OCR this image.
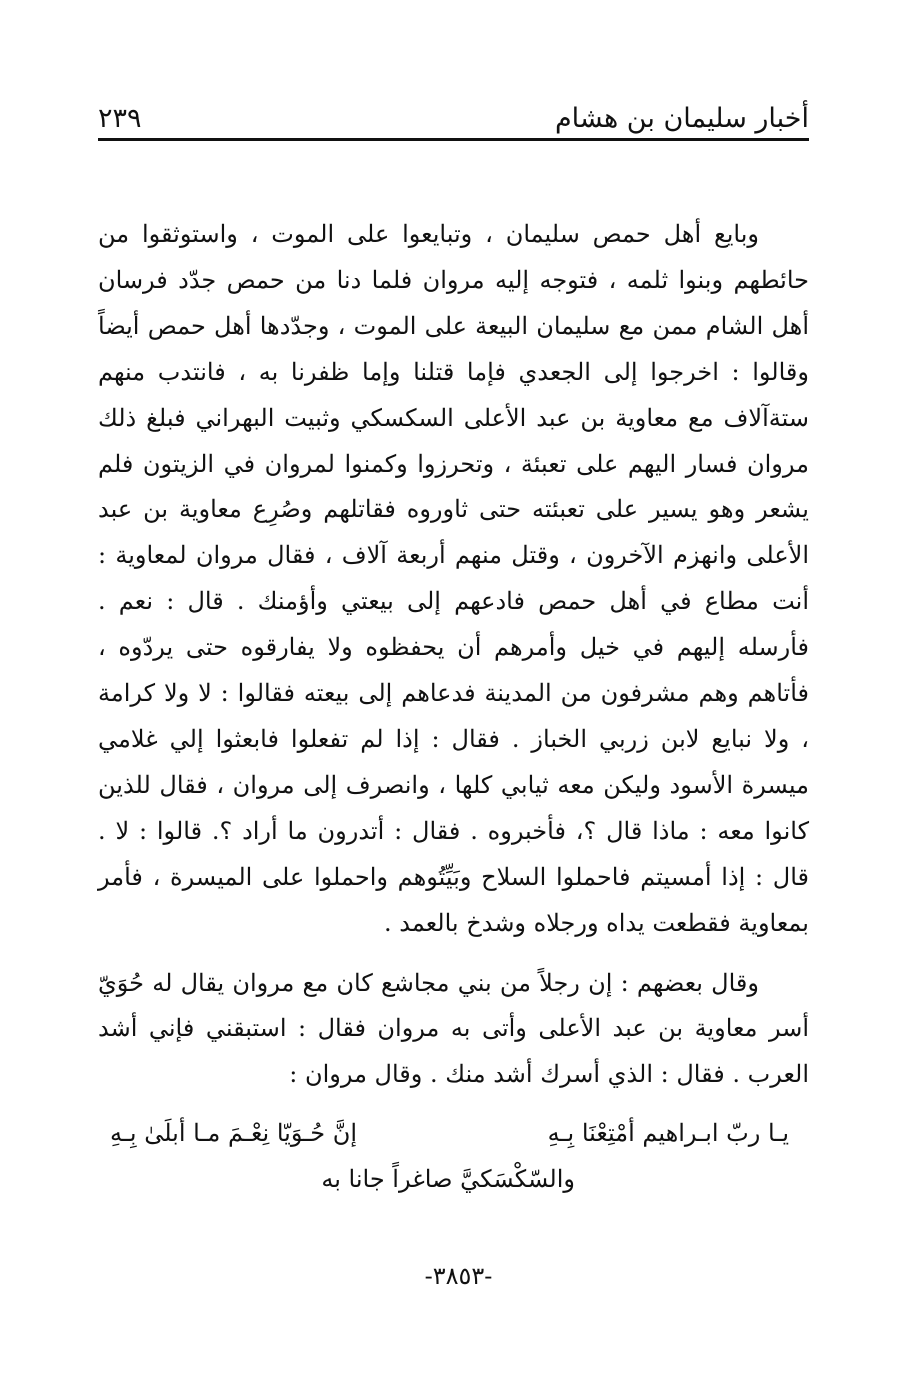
أخبار سليمان بن هشام
٢٣٩

وبايع أهل حمص سليمان ، وتبايعوا على الموت ، واستوثقوا من حائطهم وبنوا ثلمه ، فتوجه إليه مروان فلما دنا من حمص جدّد فرسان أهل الشام ممن مع سليمان البيعة على الموت ، وجدّدها أهل حمص أيضاً وقالوا : اخرجوا إلى الجعدي فإما قتلنا وإما ظفرنا به ، فانتدب منهم ستةآلاف مع معاوية بن عبد الأعلى السكسكي وثبيت البهراني فبلغ ذلك مروان فسار اليهم على تعبئة ، وتحرزوا وكمنوا لمروان في الزيتون فلم يشعر وهو يسير على تعبئته حتى ثاوروه فقاتلهم وصُرِع معاوية بن عبد الأعلى وانهزم الآخرون ، وقتل منهم أربعة آلاف ، فقال مروان لمعاوية : أنت مطاع في أهل حمص فادعهم إلى بيعتي وأؤمنك . قال : نعم . فأرسله إليهم في خيل وأمرهم أن يحفظوه ولا يفارقوه حتى يردّوه ، فأتاهم وهم مشرفون من المدينة فدعاهم إلى بيعته فقالوا : لا ولا كرامة ، ولا نبايع لابن زربي الخباز . فقال : إذا لم تفعلوا فابعثوا إلي غلامي ميسرة الأسود وليكن معه ثيابي كلها ، وانصرف إلى مروان ، فقال للذين كانوا معه : ماذا قال ؟، فأخبروه . فقال : أتدرون ما أراد ؟. قالوا : لا . قال : إذا أمسيتم فاحملوا السلاح وبَيِّتُوهم واحملوا على الميسرة ، فأمر بمعاوية فقطعت يداه ورجلاه وشدخ بالعمد .

وقال بعضهم : إن رجلاً من بني مجاشع كان مع مروان يقال له حُوَيّ أسر معاوية بن عبد الأعلى وأتى به مروان فقال : استبقني فإني أشد العرب . فقال : الذي أسرك أشد منك . وقال مروان :

يـا ربّ ابـراهيم أمْتِعْنَا بِـهِ
إنَّ حُـوَيّا نِعْـمَ مـا أبلَىٰ بِـهِ
والسّكْسَكيَّ صاغراً جانا به
-٣٨٥٣-
